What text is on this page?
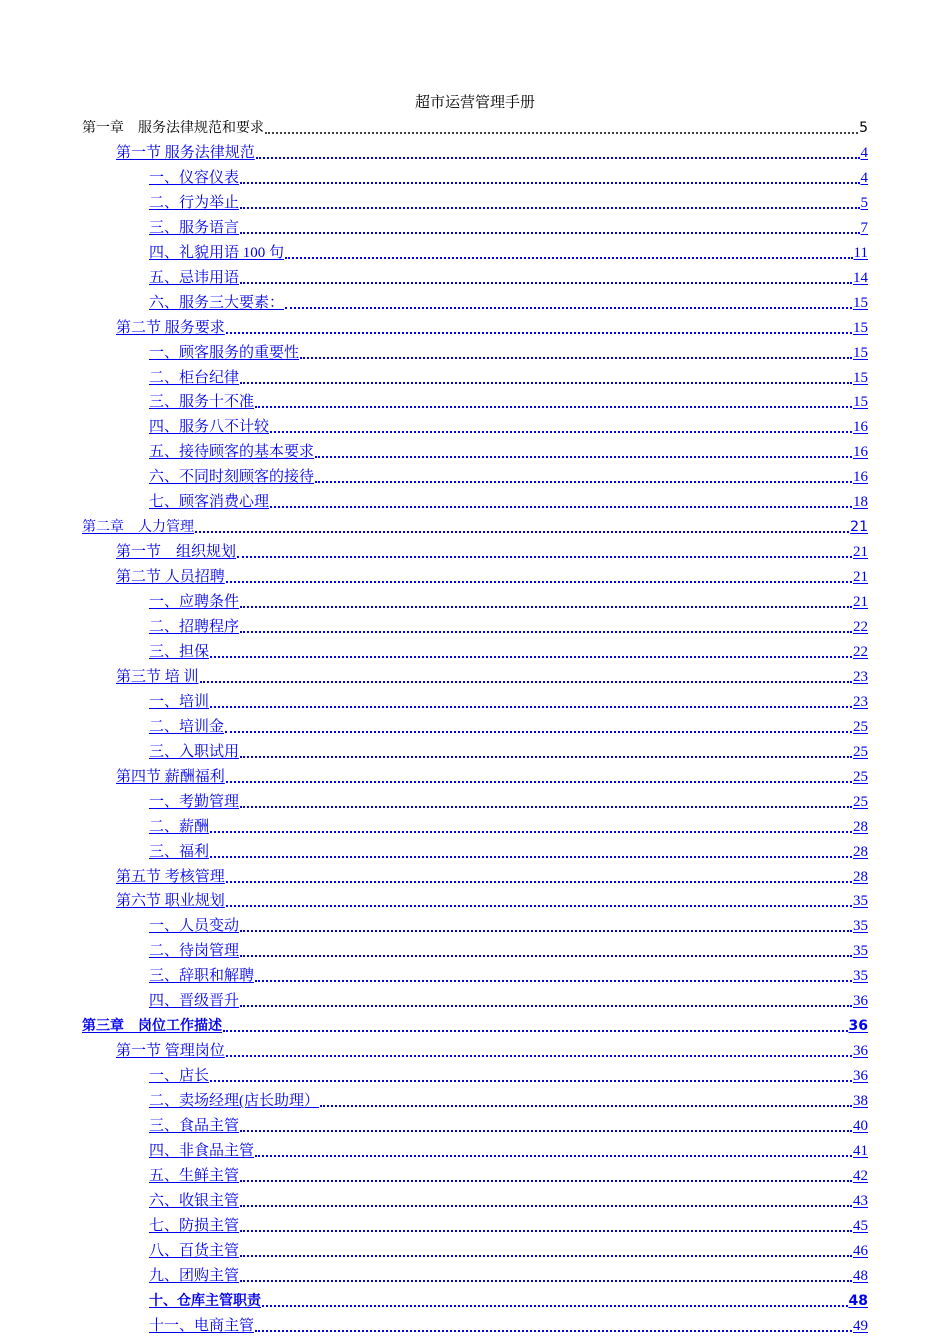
超市运营管理手册
第一章　服务法律规范和要求	5
第一节 服务法律规范	4
一、仪容仪表	4
二、行为举止	5
三、服务语言	7
四、礼貌用语 100 句	11
五、忌讳用语	14
六、服务三大要素：	15
第二节 服务要求	15
一、顾客服务的重要性	15
二、柜台纪律	15
三、服务十不准	15
四、服务八不计较	16
五、接待顾客的基本要求	16
六、不同时刻顾客的接待	16
七、顾客消费心理	18
第二章　人力管理	21
第一节　组织规划	21
第二节 人员招聘	21
一、应聘条件	21
二、招聘程序	22
三、担保	22
第三节 培 训	23
一、培训	23
二、培训金	25
三、入职试用	25
第四节 薪酬福利	25
一、考勤管理	25
二、薪酬	28
三、福利	28
第五节 考核管理	28
第六节 职业规划	35
一、人员变动	35
二、待岗管理	35
三、辞职和解聘	35
四、晋级晋升	36
第三章　岗位工作描述	36
第一节 管理岗位	36
一、店长	36
二、卖场经理(店长助理）	38
三、食品主管	40
四、非食品主管	41
五、生鲜主管	42
六、收银主管	43
七、防损主管	45
八、百货主管	46
九、团购主管	48
十、仓库主管职责	48
十一、电商主管	49
